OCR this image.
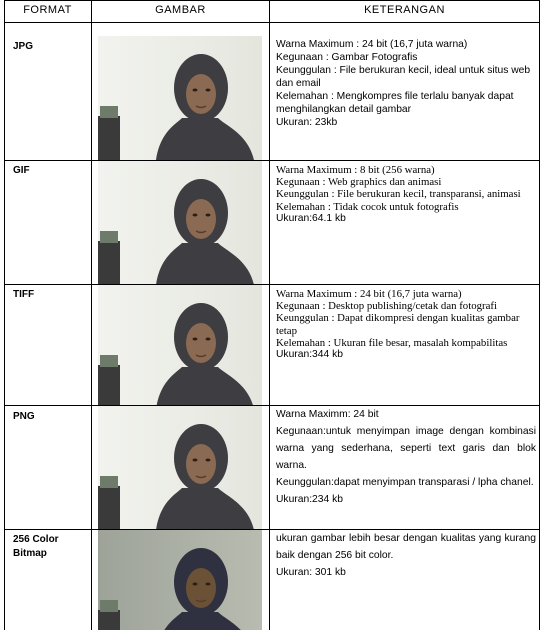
FORMAT	GAMBAR	KETERANGAN
JPG	Warna Maximum : 24 bit (16,7 juta warna)

Kegunaan : Gambar Fotografis

Keunggulan : File berukuran kecil, ideal untuk situs web dan email

Kelemahan : Mengkompres file terlalu banyak dapat menghilangkan detail gambar

Ukuran: 23kb

GIF	Warna Maximum : 8 bit (256 warna)

Kegunaan : Web graphics dan animasi

Keunggulan : File berukuran kecil, transparansi, animasi

Kelemahan : Tidak cocok untuk fotografis

Ukuran:64.1 kb

TIFF	Warna Maximum : 24 bit (16,7 juta warna)

Kegunaan : Desktop publishing/cetak dan fotografi

Keunggulan : Dapat dikompresi dengan kualitas gambar tetap

Kelemahan : Ukuran file besar, masalah kompabilitas

Ukuran:344 kb

PNG	Warna Maximm: 24 bit

Kegunaan:untuk menyimpan image dengan kombinasi warna yang sederhana, seperti text garis dan blok warna.

Keunggulan:dapat menyimpan transparasi / lpha chanel.

Ukuran:234 kb

256 Color Bitmap

ukuran gambar lebih besar dengan kualitas yang kurang baik dengan 256 bit color.

Ukuran: 301 kb
